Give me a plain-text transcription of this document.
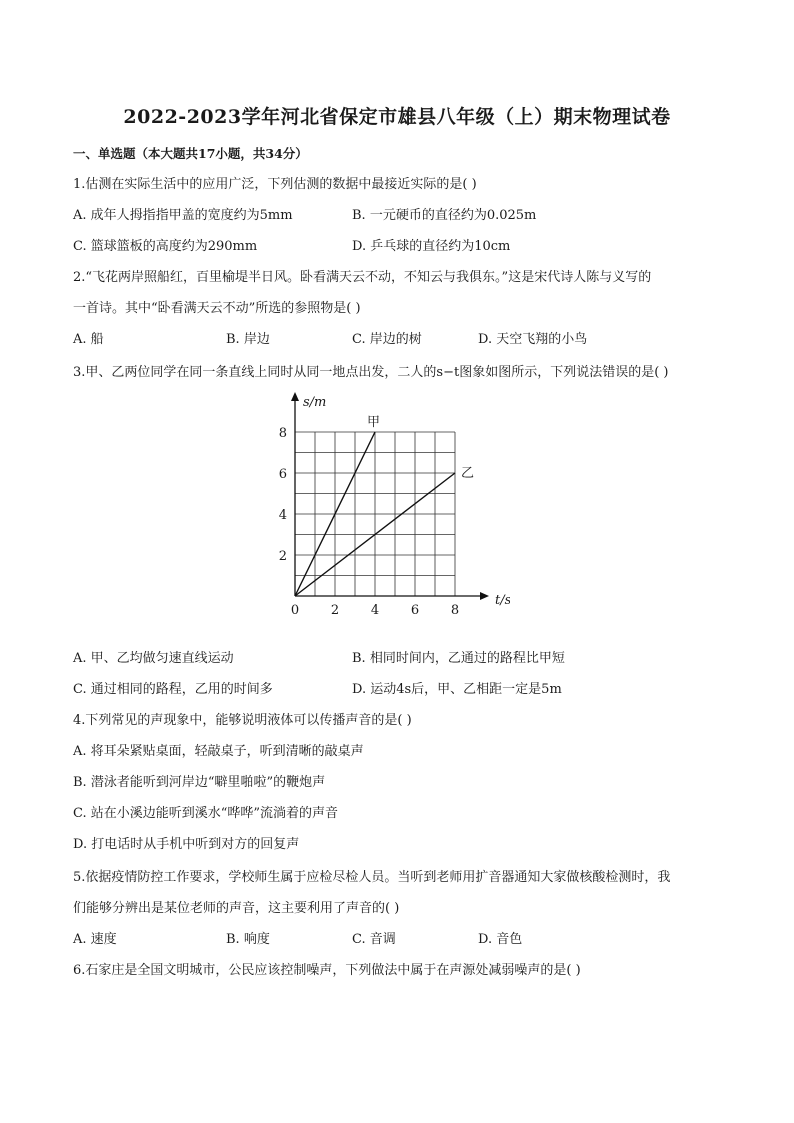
2022-2023学年河北省保定市雄县八年级（上）期末物理试卷
一、单选题（本大题共17小题，共34分）
1.估测在实际生活中的应用广泛，下列估测的数据中最接近实际的是( )
A. 成年人拇指指甲盖的宽度约为5mm	B. 一元硬币的直径约为0.025m
C. 篮球篮板的高度约为290mm	D. 乒乓球的直径约为10cm
2.“飞花两岸照船红，百里榆堤半日风。卧看满天云不动，不知云与我俱东。”这是宋代诗人陈与义写的
一首诗。其中“卧看满天云不动”所选的参照物是( )
A. 船	B. 岸边	C. 岸边的树	D. 天空飞翔的小鸟
3.甲、乙两位同学在同一条直线上同时从同一地点出发，二人的s−t图象如图所示，下列说法错误的是( )
s/m
t/s
2
4
6
8
0 2 4 6 8
甲
乙
A. 甲、乙均做匀速直线运动	B. 相同时间内，乙通过的路程比甲短
C. 通过相同的路程，乙用的时间多	D. 运动4s后，甲、乙相距一定是5m
4.下列常见的声现象中，能够说明液体可以传播声音的是( )
A. 将耳朵紧贴桌面，轻敲桌子，听到清晰的敲桌声
B. 潜泳者能听到河岸边“噼里啪啦”的鞭炮声
C. 站在小溪边能听到溪水“哗哗”流淌着的声音
D. 打电话时从手机中听到对方的回复声
5.依据疫情防控工作要求，学校师生属于应检尽检人员。当听到老师用扩音器通知大家做核酸检测时，我
们能够分辨出是某位老师的声音，这主要利用了声音的( )
A. 速度	B. 响度	C. 音调	D. 音色
6.石家庄是全国文明城市，公民应该控制噪声，下列做法中属于在声源处减弱噪声的是( )
